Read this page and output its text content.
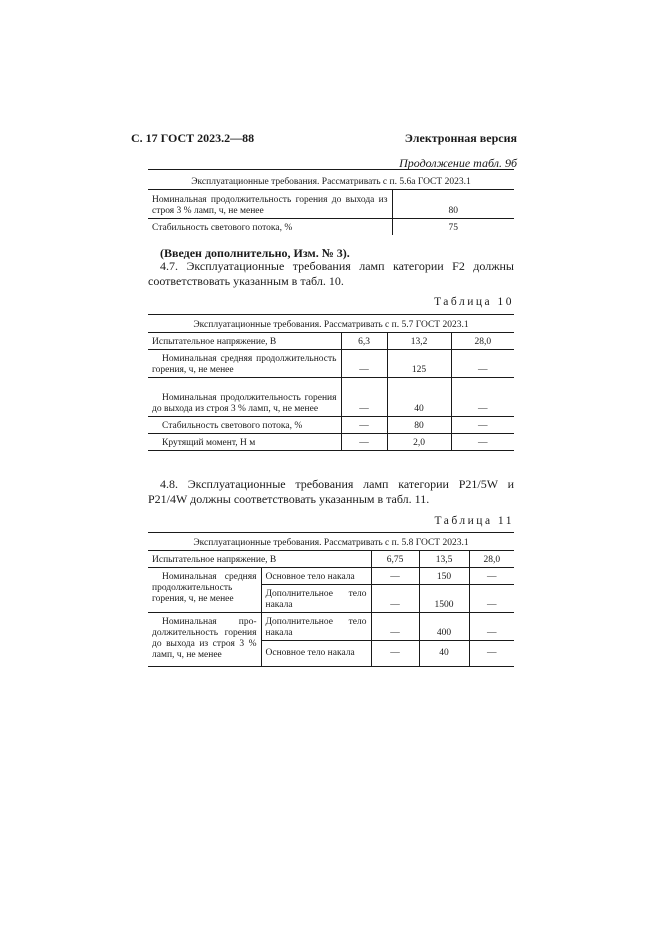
С. 17 ГОСТ 2023.2—88	Электронная версия
Продолжение табл. 9б
Эксплуатационные требования. Рассматривать с п. 5.6а ГОСТ 2023.1	
Номинальная продолжительность горения до выхода из строя 3 % ламп, ч, не менее	80
Стабильность светового потока, %	75
(Введен дополнительно, Изм. № 3).
4.7. Эксплуатационные требования ламп категории F2 должны соответствовать указанным в табл. 10.
Таблица 10
Эксплуатационные требования. Рассматривать с п. 5.7 ГОСТ 2023.1			
Испытательное напряжение, В	6,3	13,2	28,0
Номинальная средняя продолжительность горения, ч, не менее	—	125	—
Номинальная продолжительность горения до выхода из строя 3 % ламп, ч, не менее	—	40	—
Стабильность светового потока, %	—	80	—
Крутящий момент, Н м	—	2,0	—
4.8. Эксплуатационные требования ламп категории P21/5W и P21/4W должны соответствовать указанным в табл. 11.
Таблица 11
Эксплуатационные требования. Рассматривать с п. 5.8 ГОСТ 2023.1				
Испытательное напряжение, В		6,75	13,5	28,0
Номинальная средняя продолжительность горения, ч, не менее	Основное тело накала	—	150	—
	Дополнительное тело накала	—	1500	—
Номинальная продолжительность горения до выхода из строя 3 % ламп, ч, не менее	Дополнительное тело накала	—	400	—
	Основное тело накала	—	40	—
